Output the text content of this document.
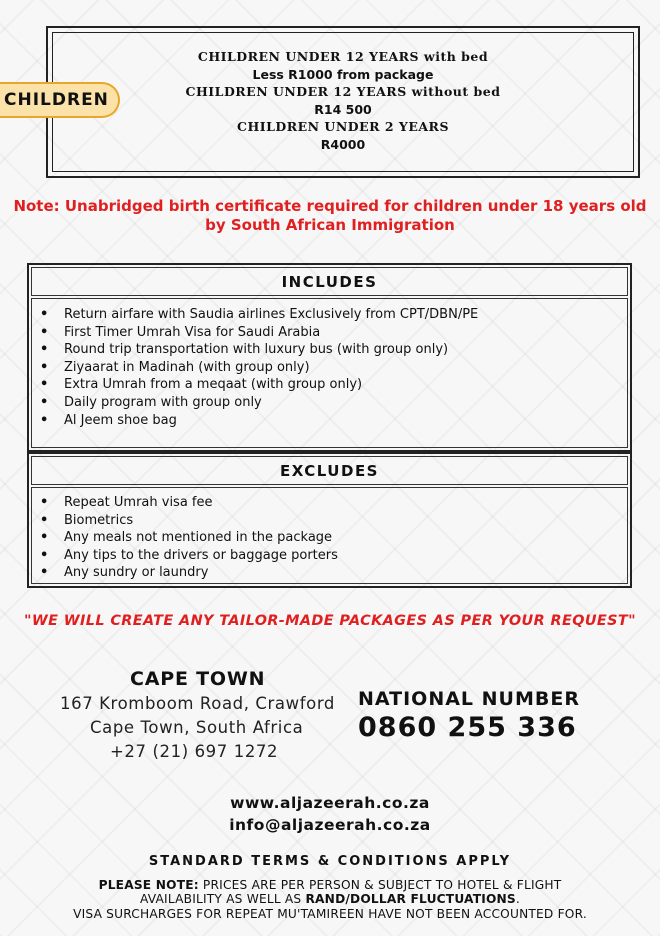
CHILDREN UNDER 12 YEARS with bed
Less R1000 from package
CHILDREN UNDER 12 YEARS without bed
R14 500
CHILDREN UNDER 2 YEARS
R4000
CHILDREN
Note: Unabridged birth certificate required for children under 18 years old by South African Immigration
INCLUDES
• Return airfare with Saudia airlines Exclusively from CPT/DBN/PE
• First Timer Umrah Visa for Saudi Arabia
• Round trip transportation with luxury bus (with group only)
• Ziyaarat in Madinah (with group only)
• Extra Umrah from a meqaat (with group only)
• Daily program with group only
• Al Jeem shoe bag
EXCLUDES
• Repeat Umrah visa fee
• Biometrics
• Any meals not mentioned in the package
• Any tips to the drivers or baggage porters
• Any sundry or laundry
"WE WILL CREATE ANY TAILOR-MADE PACKAGES AS PER YOUR REQUEST"
CAPE TOWN
167 Kromboom Road, Crawford
Cape Town, South Africa
+27 (21) 697 1272
NATIONAL NUMBER
0860 255 336
www.aljazeerah.co.za
info@aljazeerah.co.za
STANDARD TERMS & CONDITIONS APPLY
PLEASE NOTE: PRICES ARE PER PERSON & SUBJECT TO HOTEL & FLIGHT
AVAILABILITY AS WELL AS RAND/DOLLAR FLUCTUATIONS.
VISA SURCHARGES FOR REPEAT MU'TAMIREEN HAVE NOT BEEN ACCOUNTED FOR.
